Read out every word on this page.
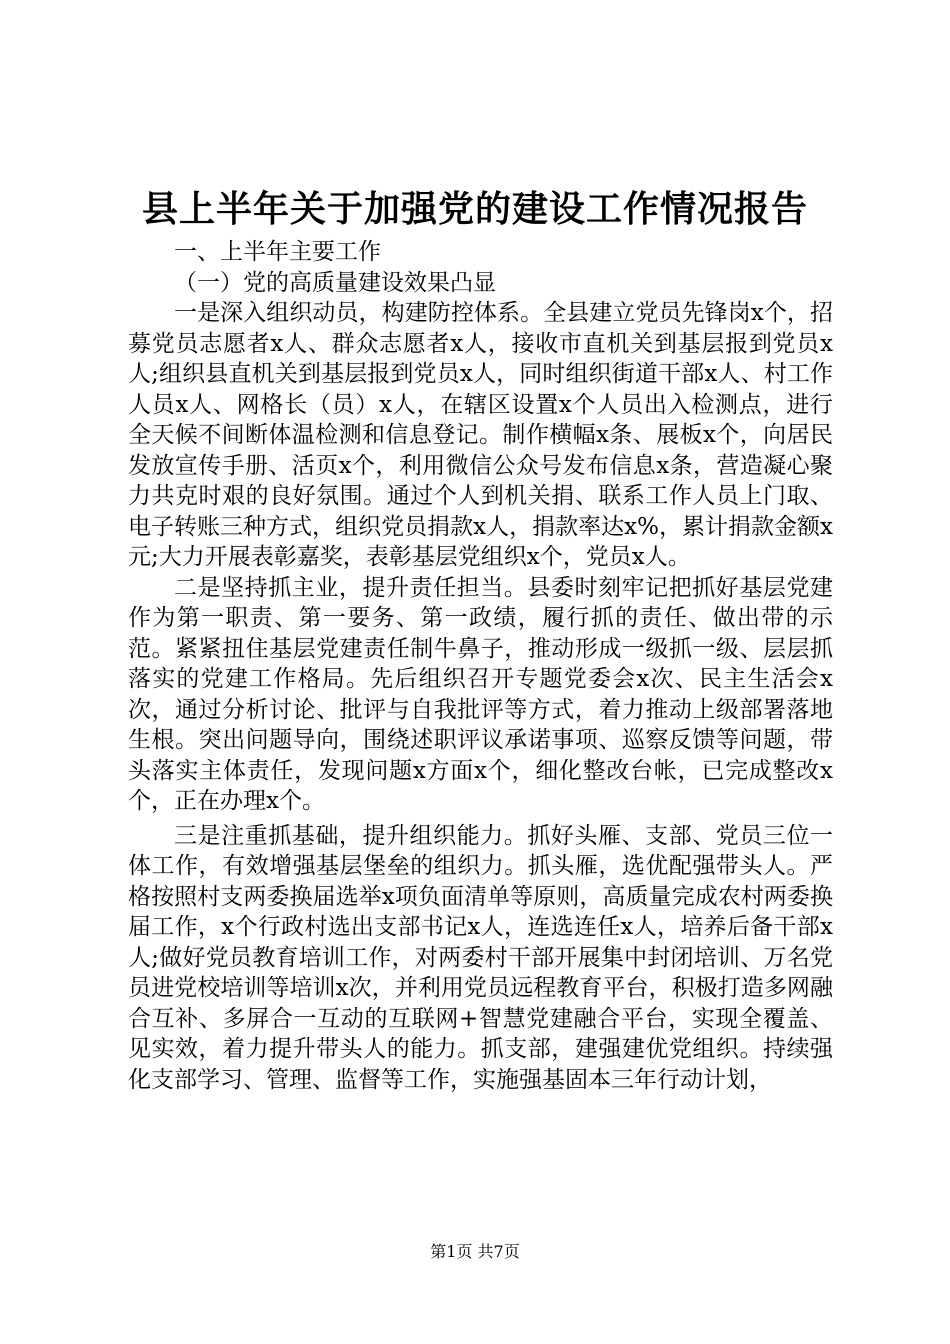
县上半年关于加强党的建设工作情况报告

一、上半年主要工作

（一）党的高质量建设效果凸显

一是深入组织动员，构建防控体系。全县建立党员先锋岗x个，招募党员志愿者x人、群众志愿者x人，接收市直机关到基层报到党员x人;组织县直机关到基层报到党员x人，同时组织街道干部x人、村工作人员x人、网格长（员）x人，在辖区设置x个人员出入检测点，进行全天候不间断体温检测和信息登记。制作横幅x条、展板x个，向居民发放宣传手册、活页x个，利用微信公众号发布信息x条，营造凝心聚力共克时艰的良好氛围。通过个人到机关捐、联系工作人员上门取、电子转账三种方式，组织党员捐款x人，捐款率达x%，累计捐款金额x元;大力开展表彰嘉奖，表彰基层党组织x个，党员x人。

二是坚持抓主业，提升责任担当。县委时刻牢记把抓好基层党建作为第一职责、第一要务、第一政绩，履行抓的责任、做出带的示范。紧紧扭住基层党建责任制牛鼻子，推动形成一级抓一级、层层抓落实的党建工作格局。先后组织召开专题党委会x次、民主生活会x次，通过分析讨论、批评与自我批评等方式，着力推动上级部署落地生根。突出问题导向，围绕述职评议承诺事项、巡察反馈等问题，带头落实主体责任，发现问题x方面x个，细化整改台帐，已完成整改x个，正在办理x个。

三是注重抓基础，提升组织能力。抓好头雁、支部、党员三位一体工作，有效增强基层堡垒的组织力。抓头雁，选优配强带头人。严格按照村支两委换届选举x项负面清单等原则，高质量完成农村两委换届工作，x个行政村选出支部书记x人，连选连任x人，培养后备干部x人;做好党员教育培训工作，对两委村干部开展集中封闭培训、万名党员进党校培训等培训x次，并利用党员远程教育平台，积极打造多网融合互补、多屏合一互动的互联网+智慧党建融合平台，实现全覆盖、见实效，着力提升带头人的能力。抓支部，建强建优党组织。持续强化支部学习、管理、监督等工作，实施强基固本三年行动计划，

第1页 共7页
